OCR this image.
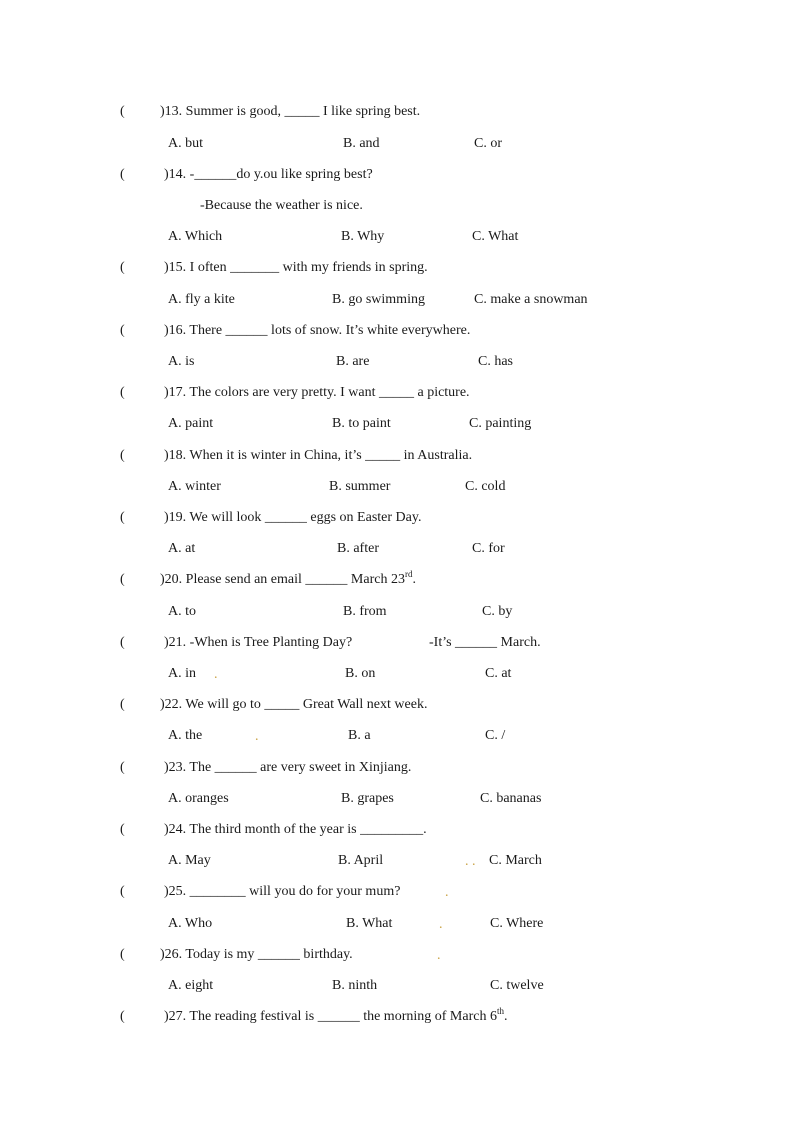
(	)13. Summer is good, _____ I like spring best.
A. but	B. and	C. or
(	)14. -______do y.ou like spring best?
-Because the weather is nice.
A. Which	B. Why	C. What
(	)15. I often _______ with my friends in spring.
A. fly a kite	B. go swimming	C. make a snowman
(	)16. There ______ lots of snow. It’s white everywhere.
A. is	B. are	C. has
(	)17. The colors are very pretty. I want _____ a picture.
A. paint	B. to paint	C. painting
(	)18. When it is winter in China, it’s _____ in Australia.
A. winter	B. summer	C. cold
(	)19. We will look ______ eggs on Easter Day.
A. at	B. after	C. for
(	)20. Please send an email ______ March 23rd.
A. to	B. from	C. by
(	)21. -When is Tree Planting Day?	-It’s ______ March.
A. in .	B. on	C. at
(	)22. We will go to _____ Great Wall next week.
A. the	.	B. a	C. /
(	)23. The ______ are very sweet in Xinjiang.
A. oranges	B. grapes	C. bananas
(	)24. The third month of the year is _________.
A. May	B. April	. . C. March
(	)25. ________ will you do for your mum?	.
A. Who	B. What	.	C. Where
(	)26. Today is my ______ birthday.	.
A. eight	B. ninth	C. twelve
(	)27. The reading festival is ______ the morning of March 6th.
